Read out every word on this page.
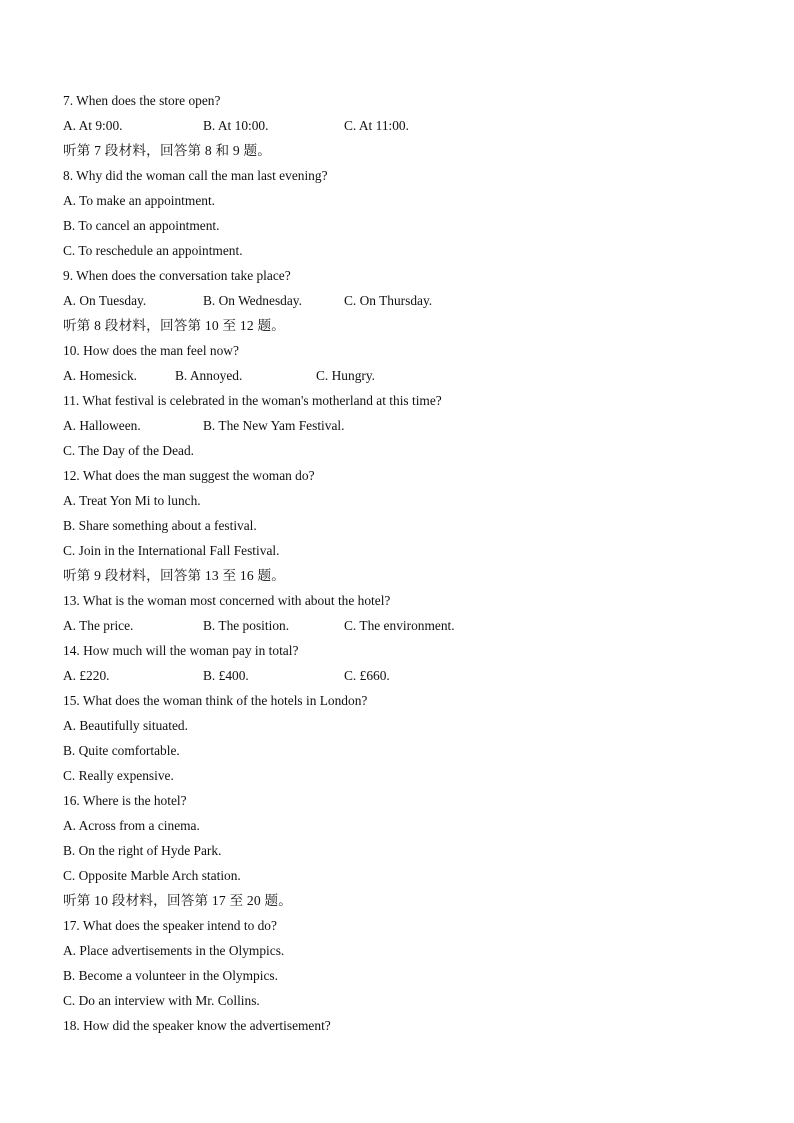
7. When does the store open?
A. At 9:00.	B. At 10:00.	C. At 11:00.
听第 7 段材料，回答第 8 和 9 题。
8. Why did the woman call the man last evening?
A. To make an appointment.
B. To cancel an appointment.
C. To reschedule an appointment.
9. When does the conversation take place?
A. On Tuesday.	B. On Wednesday.	C. On Thursday.
听第 8 段材料，回答第 10 至 12 题。
10. How does the man feel now?
A. Homesick.	B. Annoyed.	C. Hungry.
11. What festival is celebrated in the woman's motherland at this time?
A. Halloween.	B. The New Yam Festival.
C. The Day of the Dead.
12. What does the man suggest the woman do?
A. Treat Yon Mi to lunch.
B. Share something about a festival.
C. Join in the International Fall Festival.
听第 9 段材料，回答第 13 至 16 题。
13. What is the woman most concerned with about the hotel?
A. The price.	B. The position.	C. The environment.
14. How much will the woman pay in total?
A. £220.	B. £400.	C. £660.
15. What does the woman think of the hotels in London?
A. Beautifully situated.
B. Quite comfortable.
C. Really expensive.
16. Where is the hotel?
A. Across from a cinema.
B. On the right of Hyde Park.
C. Opposite Marble Arch station.
听第 10 段材料，回答第 17 至 20 题。
17. What does the speaker intend to do?
A. Place advertisements in the Olympics.
B. Become a volunteer in the Olympics.
C. Do an interview with Mr. Collins.
18. How did the speaker know the advertisement?
